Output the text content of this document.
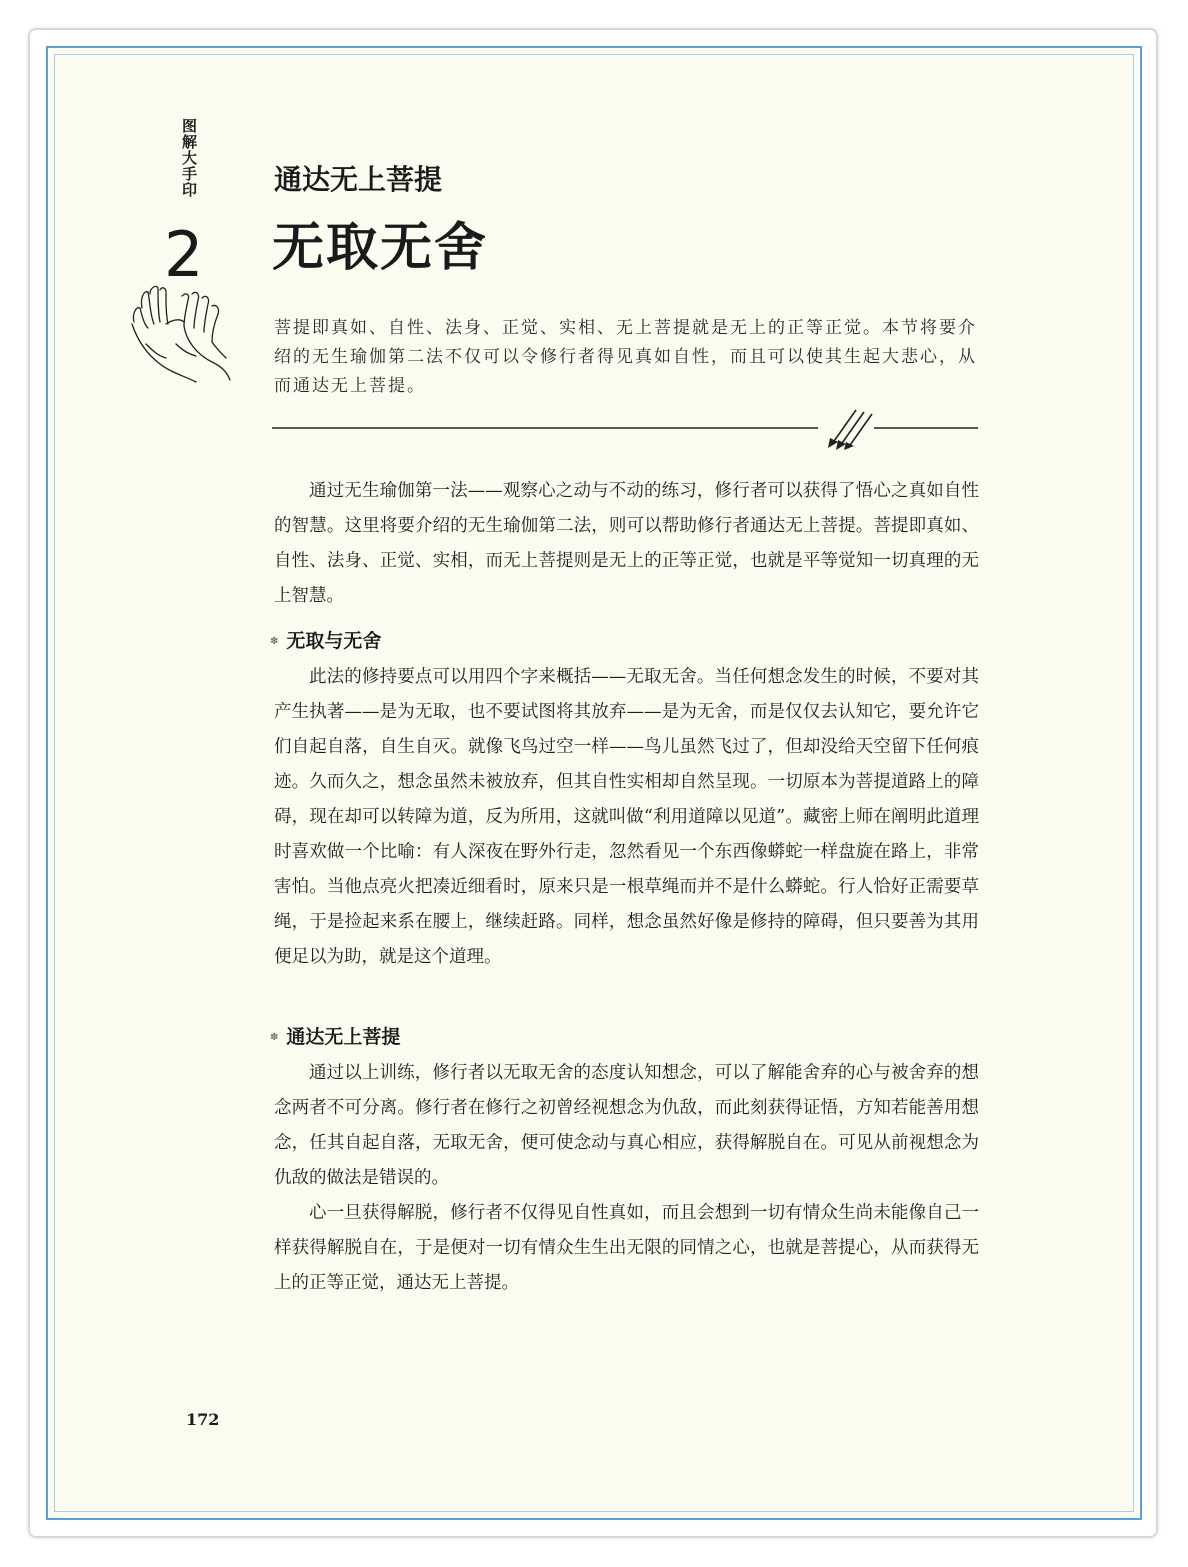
图解大手印
2
通达无上菩提
无取无舍

菩提即真如、自性、法身、正觉、实相、无上菩提就是无上的正等正觉。本节将要介绍的无生瑜伽第二法不仅可以令修行者得见真如自性，而且可以使其生起大悲心，从而通达无上菩提。

通过无生瑜伽第一法——观察心之动与不动的练习，修行者可以获得了悟心之真如自性的智慧。这里将要介绍的无生瑜伽第二法，则可以帮助修行者通达无上菩提。菩提即真如、自性、法身、正觉、实相，而无上菩提则是无上的正等正觉，也就是平等觉知一切真理的无上智慧。

✽ 无取与无舍

此法的修持要点可以用四个字来概括——无取无舍。当任何想念发生的时候，不要对其产生执著——是为无取，也不要试图将其放弃——是为无舍，而是仅仅去认知它，要允许它们自起自落，自生自灭。就像飞鸟过空一样——鸟儿虽然飞过了，但却没给天空留下任何痕迹。久而久之，想念虽然未被放弃，但其自性实相却自然呈现。一切原本为菩提道路上的障碍，现在却可以转障为道，反为所用，这就叫做“利用道障以见道”。藏密上师在阐明此道理时喜欢做一个比喻：有人深夜在野外行走，忽然看见一个东西像蟒蛇一样盘旋在路上，非常害怕。当他点亮火把凑近细看时，原来只是一根草绳而并不是什么蟒蛇。行人恰好正需要草绳，于是捡起来系在腰上，继续赶路。同样，想念虽然好像是修持的障碍，但只要善为其用便足以为助，就是这个道理。

✽ 通达无上菩提

通过以上训练，修行者以无取无舍的态度认知想念，可以了解能舍弃的心与被舍弃的想念两者不可分离。修行者在修行之初曾经视想念为仇敌，而此刻获得证悟，方知若能善用想念，任其自起自落，无取无舍，便可使念动与真心相应，获得解脱自在。可见从前视想念为仇敌的做法是错误的。

心一旦获得解脱，修行者不仅得见自性真如，而且会想到一切有情众生尚未能像自己一样获得解脱自在，于是便对一切有情众生生出无限的同情之心，也就是菩提心，从而获得无上的正等正觉，通达无上菩提。

172
